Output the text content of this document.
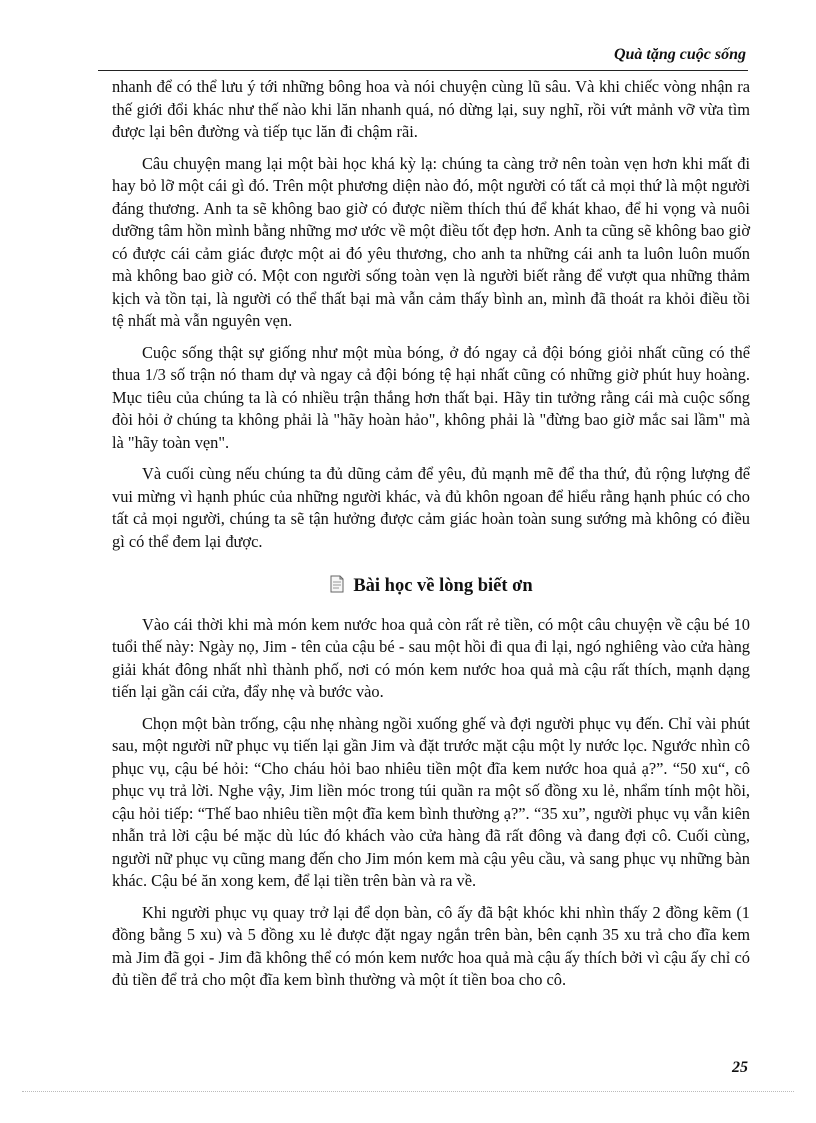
Quà tặng cuộc sống

nhanh để có thể lưu ý tới những bông hoa và nói chuyện cùng lũ sâu. Và khi chiếc vòng nhận ra thế giới đổi khác như thế nào khi lăn nhanh quá, nó dừng lại, suy nghĩ, rồi vứt mảnh vỡ vừa tìm được lại bên đường và tiếp tục lăn đi chậm rãi.

Câu chuyện mang lại một bài học khá kỳ lạ: chúng ta càng trở nên toàn vẹn hơn khi mất đi hay bỏ lỡ một cái gì đó. Trên một phương diện nào đó, một người có tất cả mọi thứ là một người đáng thương. Anh ta sẽ không bao giờ có được niềm thích thú để khát khao, để hi vọng và nuôi dưỡng tâm hồn mình bằng những mơ ước về một điều tốt đẹp hơn. Anh ta cũng sẽ không bao giờ có được cái cảm giác được một ai đó yêu thương, cho anh ta những cái anh ta luôn luôn muốn mà không bao giờ có. Một con người sống toàn vẹn là người biết rằng để vượt qua những thảm kịch và tồn tại, là người có thể thất bại mà vẫn cảm thấy bình an, mình đã thoát ra khỏi điều tồi tệ nhất mà vẫn nguyên vẹn.

Cuộc sống thật sự giống như một mùa bóng, ở đó ngay cả đội bóng giỏi nhất cũng có thể thua 1/3 số trận nó tham dự và ngay cả đội bóng tệ hại nhất cũng có những giờ phút huy hoàng. Mục tiêu của chúng ta là có nhiều trận thắng hơn thất bại. Hãy tin tưởng rằng cái mà cuộc sống đòi hỏi ở chúng ta không phải là "hãy hoàn hảo", không phải là "đừng bao giờ mắc sai lầm" mà là "hãy toàn vẹn".

Và cuối cùng nếu chúng ta đủ dũng cảm để yêu, đủ mạnh mẽ để tha thứ, đủ rộng lượng để vui mừng vì hạnh phúc của những người khác, và đủ khôn ngoan để hiểu rằng hạnh phúc có cho tất cả mọi người, chúng ta sẽ tận hưởng được cảm giác hoàn toàn sung sướng mà không có điều gì có thể đem lại được.

Bài học về lòng biết ơn

Vào cái thời khi mà món kem nước hoa quả còn rất rẻ tiền, có một câu chuyện về cậu bé 10 tuổi thế này: Ngày nọ, Jim - tên của cậu bé - sau một hồi đi qua đi lại, ngó nghiêng vào cửa hàng giải khát đông nhất nhì thành phố, nơi có món kem nước hoa quả mà cậu rất thích, mạnh dạng tiến lại gần cái cửa, đẩy nhẹ và bước vào.

Chọn một bàn trống, cậu nhẹ nhàng ngồi xuống ghế và đợi người phục vụ đến. Chỉ vài phút sau, một người nữ phục vụ tiến lại gần Jim và đặt trước mặt cậu một ly nước lọc. Ngước nhìn cô phục vụ, cậu bé hỏi: “Cho cháu hỏi bao nhiêu tiền một đĩa kem nước hoa quả ạ?”. “50 xu“, cô phục vụ trả lời. Nghe vậy, Jim liền móc trong túi quần ra một số đồng xu lẻ, nhẩm tính một hồi, cậu hỏi tiếp: “Thế bao nhiêu tiền một đĩa kem bình thường ạ?”. “35 xu”, người phục vụ vẫn kiên nhẫn trả lời cậu bé mặc dù lúc đó khách vào cửa hàng đã rất đông và đang đợi cô. Cuối cùng, người nữ phục vụ cũng mang đến cho Jim món kem mà cậu yêu cầu, và sang phục vụ những bàn khác. Cậu bé ăn xong kem, để lại tiền trên bàn và ra về.

Khi người phục vụ quay trở lại để dọn bàn, cô ấy đã bật khóc khi nhìn thấy 2 đồng kẽm (1 đồng bằng 5 xu) và 5 đồng xu lẻ được đặt ngay ngắn trên bàn, bên cạnh 35 xu trả cho đĩa kem mà Jim đã gọi - Jim đã không thể có món kem nước hoa quả mà cậu ấy thích bởi vì cậu ấy chỉ có đủ tiền để trả cho một đĩa kem bình thường và một ít tiền boa cho cô.

25
